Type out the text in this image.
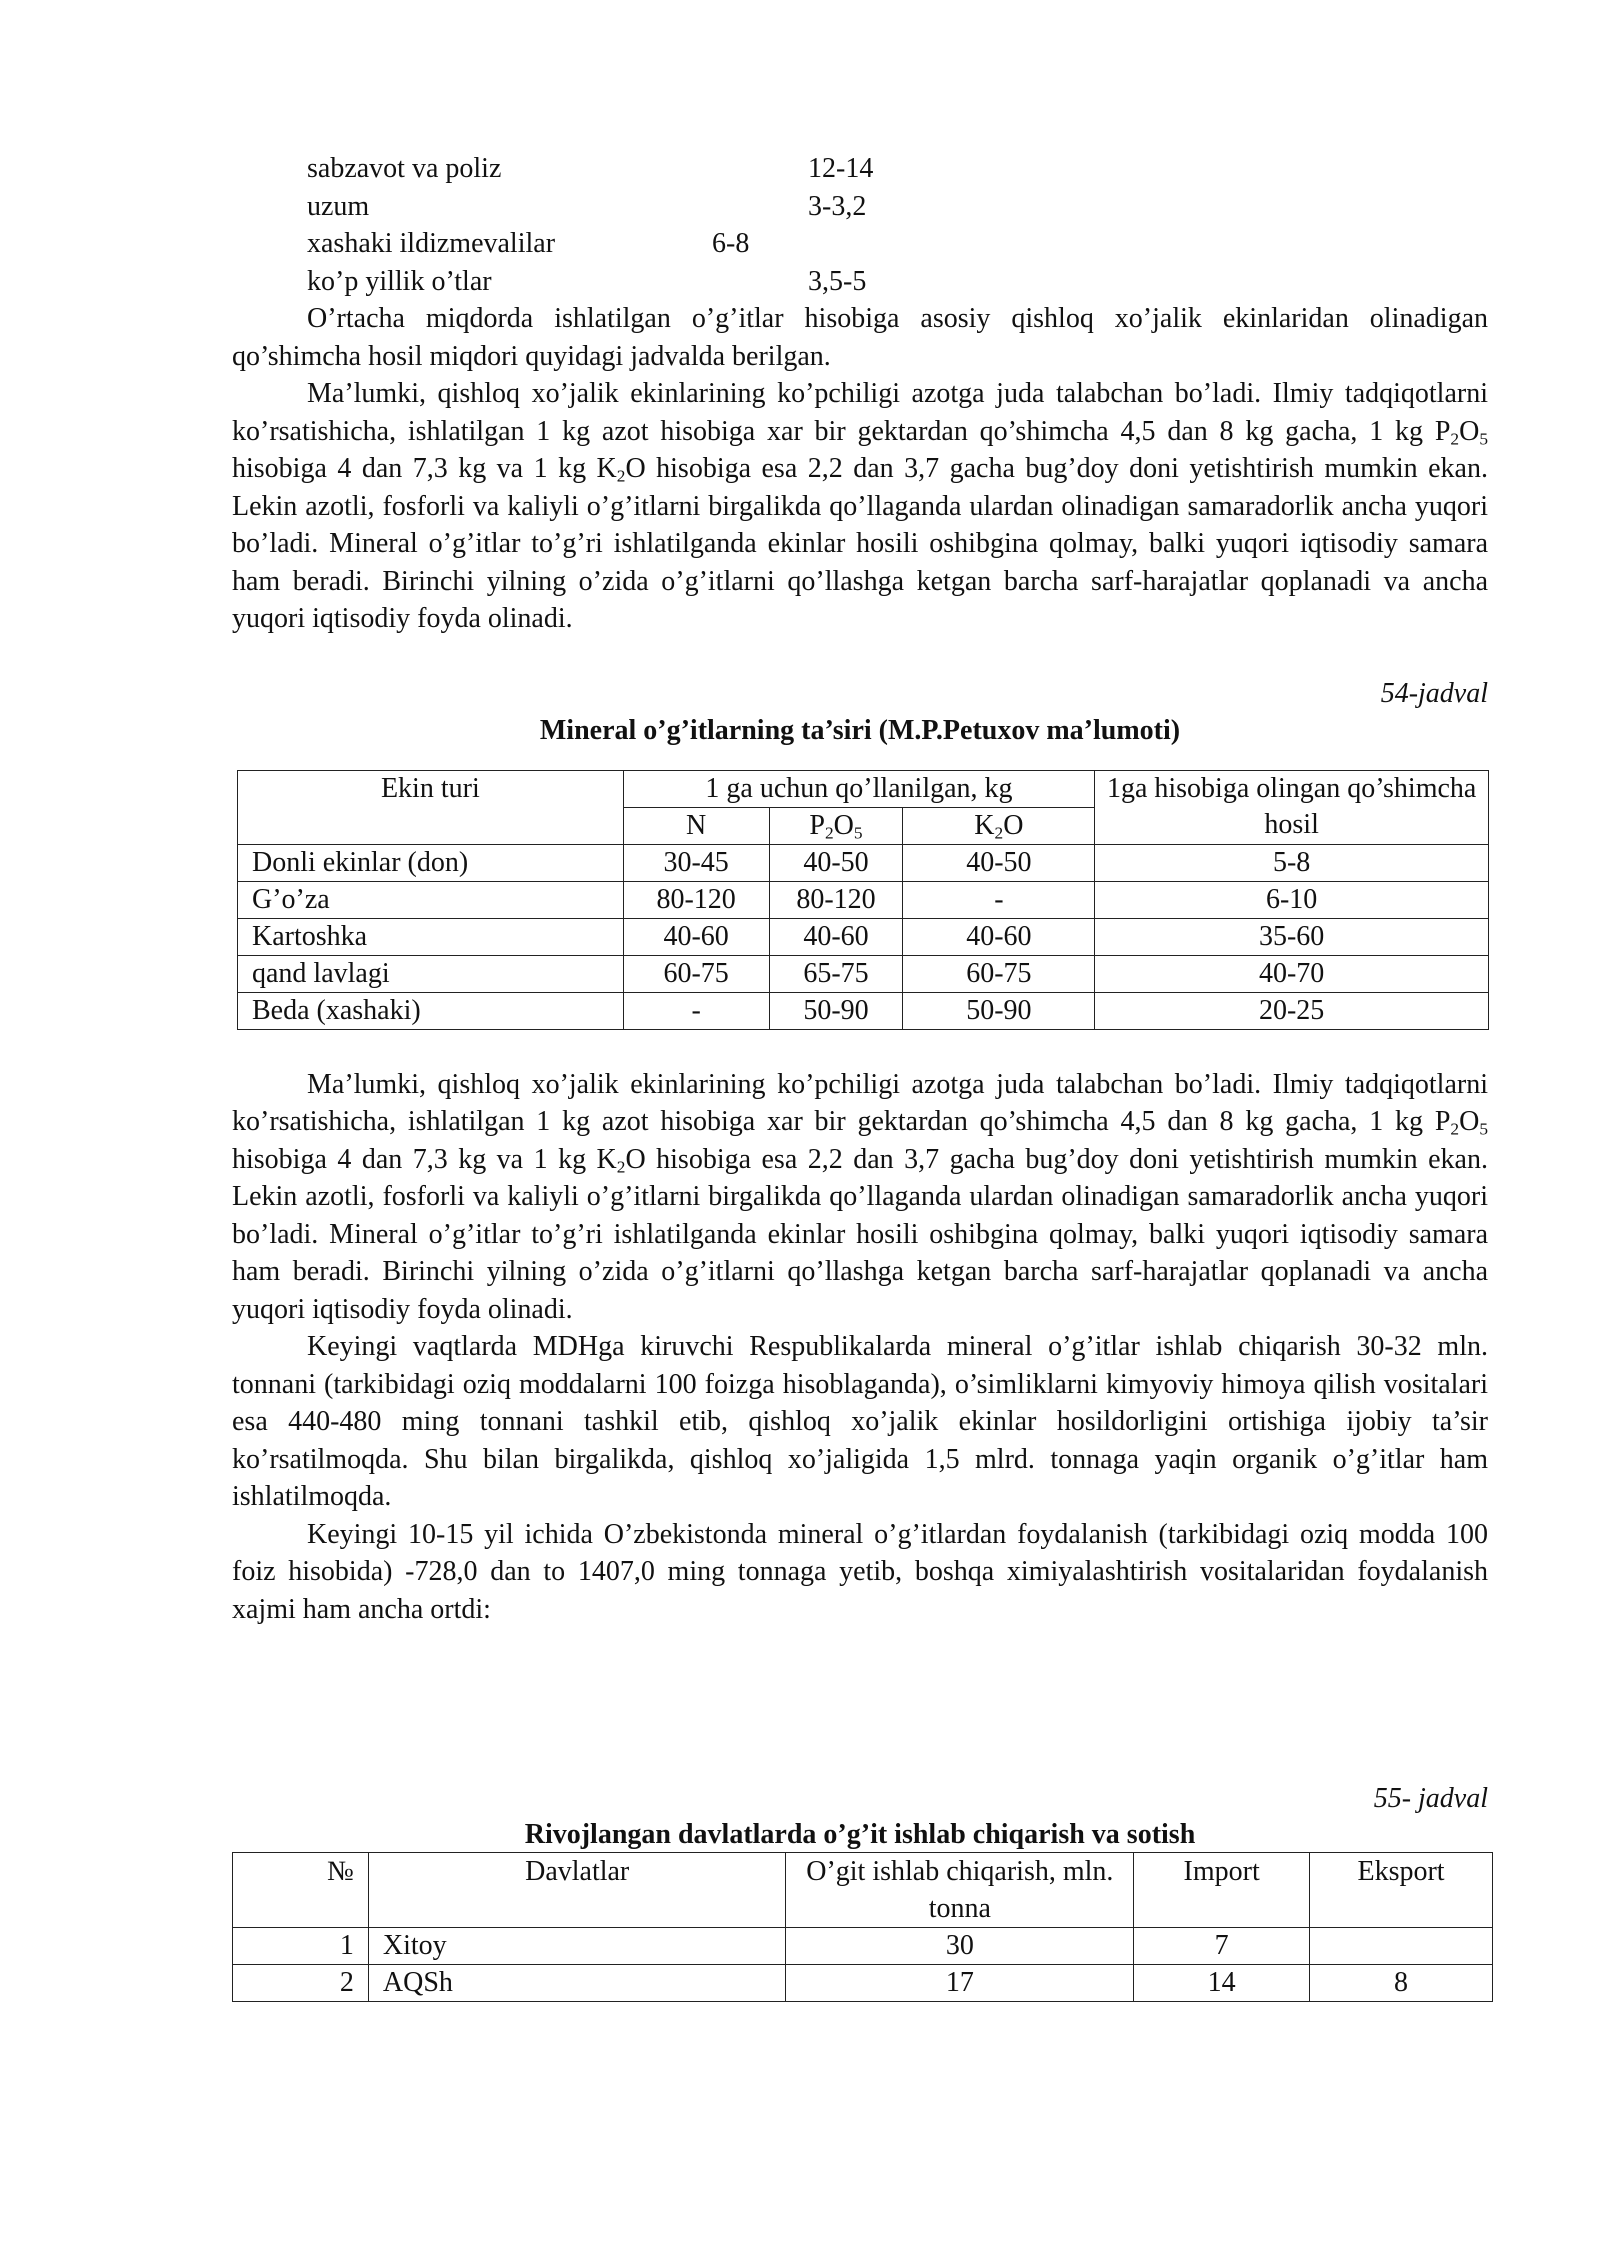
sabzavot va poliz	12-14
uzum	3-3,2
xashaki ildizmevalilar	6-8
ko’p yillik o’tlar	3,5-5

O’rtacha miqdorda ishlatilgan o’g’itlar hisobiga asosiy qishloq xo’jalik ekinlaridan olinadigan qo’shimcha hosil miqdori quyidagi jadvalda berilgan.

Ma’lumki, qishloq xo’jalik ekinlarining ko’pchiligi azotga juda talabchan bo’ladi. Ilmiy tadqiqotlarni ko’rsatishicha, ishlatilgan 1 kg azot hisobiga xar bir gektardan qo’shimcha 4,5 dan 8 kg gacha, 1 kg $P_2O_5$ hisobiga 4 dan 7,3 kg va 1 kg $K_2O$ hisobiga esa 2,2 dan 3,7 gacha bug’doy doni yetishtirish mumkin ekan. Lekin azotli, fosforli va kaliyli o’g’itlarni birgalikda qo’llaganda ulardan olinadigan samaradorlik ancha yuqori bo’ladi. Mineral o’g’itlar to’g’ri ishlatilganda ekinlar hosili oshibgina qolmay, balki yuqori iqtisodiy samara ham beradi. Birinchi yilning o’zida o’g’itlarni qo’llashga ketgan barcha sarf-harajatlar qoplanadi va ancha yuqori iqtisodiy foyda olinadi.

54-jadval

Mineral o’g’itlarning ta’siri (M.P.Petuxov ma’lumoti)

Ekin turi	1 ga uchun qo’llanilgan, kg			1ga hisobiga olingan qo’shimcha hosil
	N	$P_2O_5$	$K_2O$	
Donli ekinlar (don)	30-45	40-50	40-50	5-8
G’o’za	80-120	80-120	-	6-10
Kartoshka	40-60	40-60	40-60	35-60
qand lavlagi	60-75	65-75	60-75	40-70
Beda (xashaki)	-	50-90	50-90	20-25

Ma’lumki, qishloq xo’jalik ekinlarining ko’pchiligi azotga juda talabchan bo’ladi. Ilmiy tadqiqotlarni ko’rsatishicha, ishlatilgan 1 kg azot hisobiga xar bir gektardan qo’shimcha 4,5 dan 8 kg gacha, 1 kg $P_2O_5$ hisobiga 4 dan 7,3 kg va 1 kg $K_2O$ hisobiga esa 2,2 dan 3,7 gacha bug’doy doni yetishtirish mumkin ekan. Lekin azotli, fosforli va kaliyli o’g’itlarni birgalikda qo’llaganda ulardan olinadigan samaradorlik ancha yuqori bo’ladi. Mineral o’g’itlar to’g’ri ishlatilganda ekinlar hosili oshibgina qolmay, balki yuqori iqtisodiy samara ham beradi. Birinchi yilning o’zida o’g’itlarni qo’llashga ketgan barcha sarf-harajatlar qoplanadi va ancha yuqori iqtisodiy foyda olinadi.

Keyingi vaqtlarda MDHga kiruvchi Respublikalarda mineral o’g’itlar ishlab chiqarish 30-32 mln. tonnani (tarkibidagi oziq moddalarni 100 foizga hisoblaganda), o’simliklarni kimyoviy himoya qilish vositalari esa 440-480 ming tonnani tashkil etib, qishloq xo’jalik ekinlar hosildorligini ortishiga ijobiy ta’sir ko’rsatilmoqda. Shu bilan birgalikda, qishloq xo’jaligida 1,5 mlrd. tonnaga yaqin organik o’g’itlar ham ishlatilmoqda.

Keyingi 10-15 yil ichida O’zbekistonda mineral o’g’itlardan foydalanish (tarkibidagi oziq modda 100 foiz hisobida) -728,0 dan to 1407,0 ming tonnaga yetib, boshqa ximiyalashtirish vositalaridan foydalanish xajmi ham ancha ortdi:

55- jadval

Rivojlangan davlatlarda o’g’it ishlab chiqarish va sotish

№	Davlatlar	O’git ishlab chiqarish, mln. tonna	Import	Eksport
1	Xitoy	30	7	
2	AQSh	17	14	8
